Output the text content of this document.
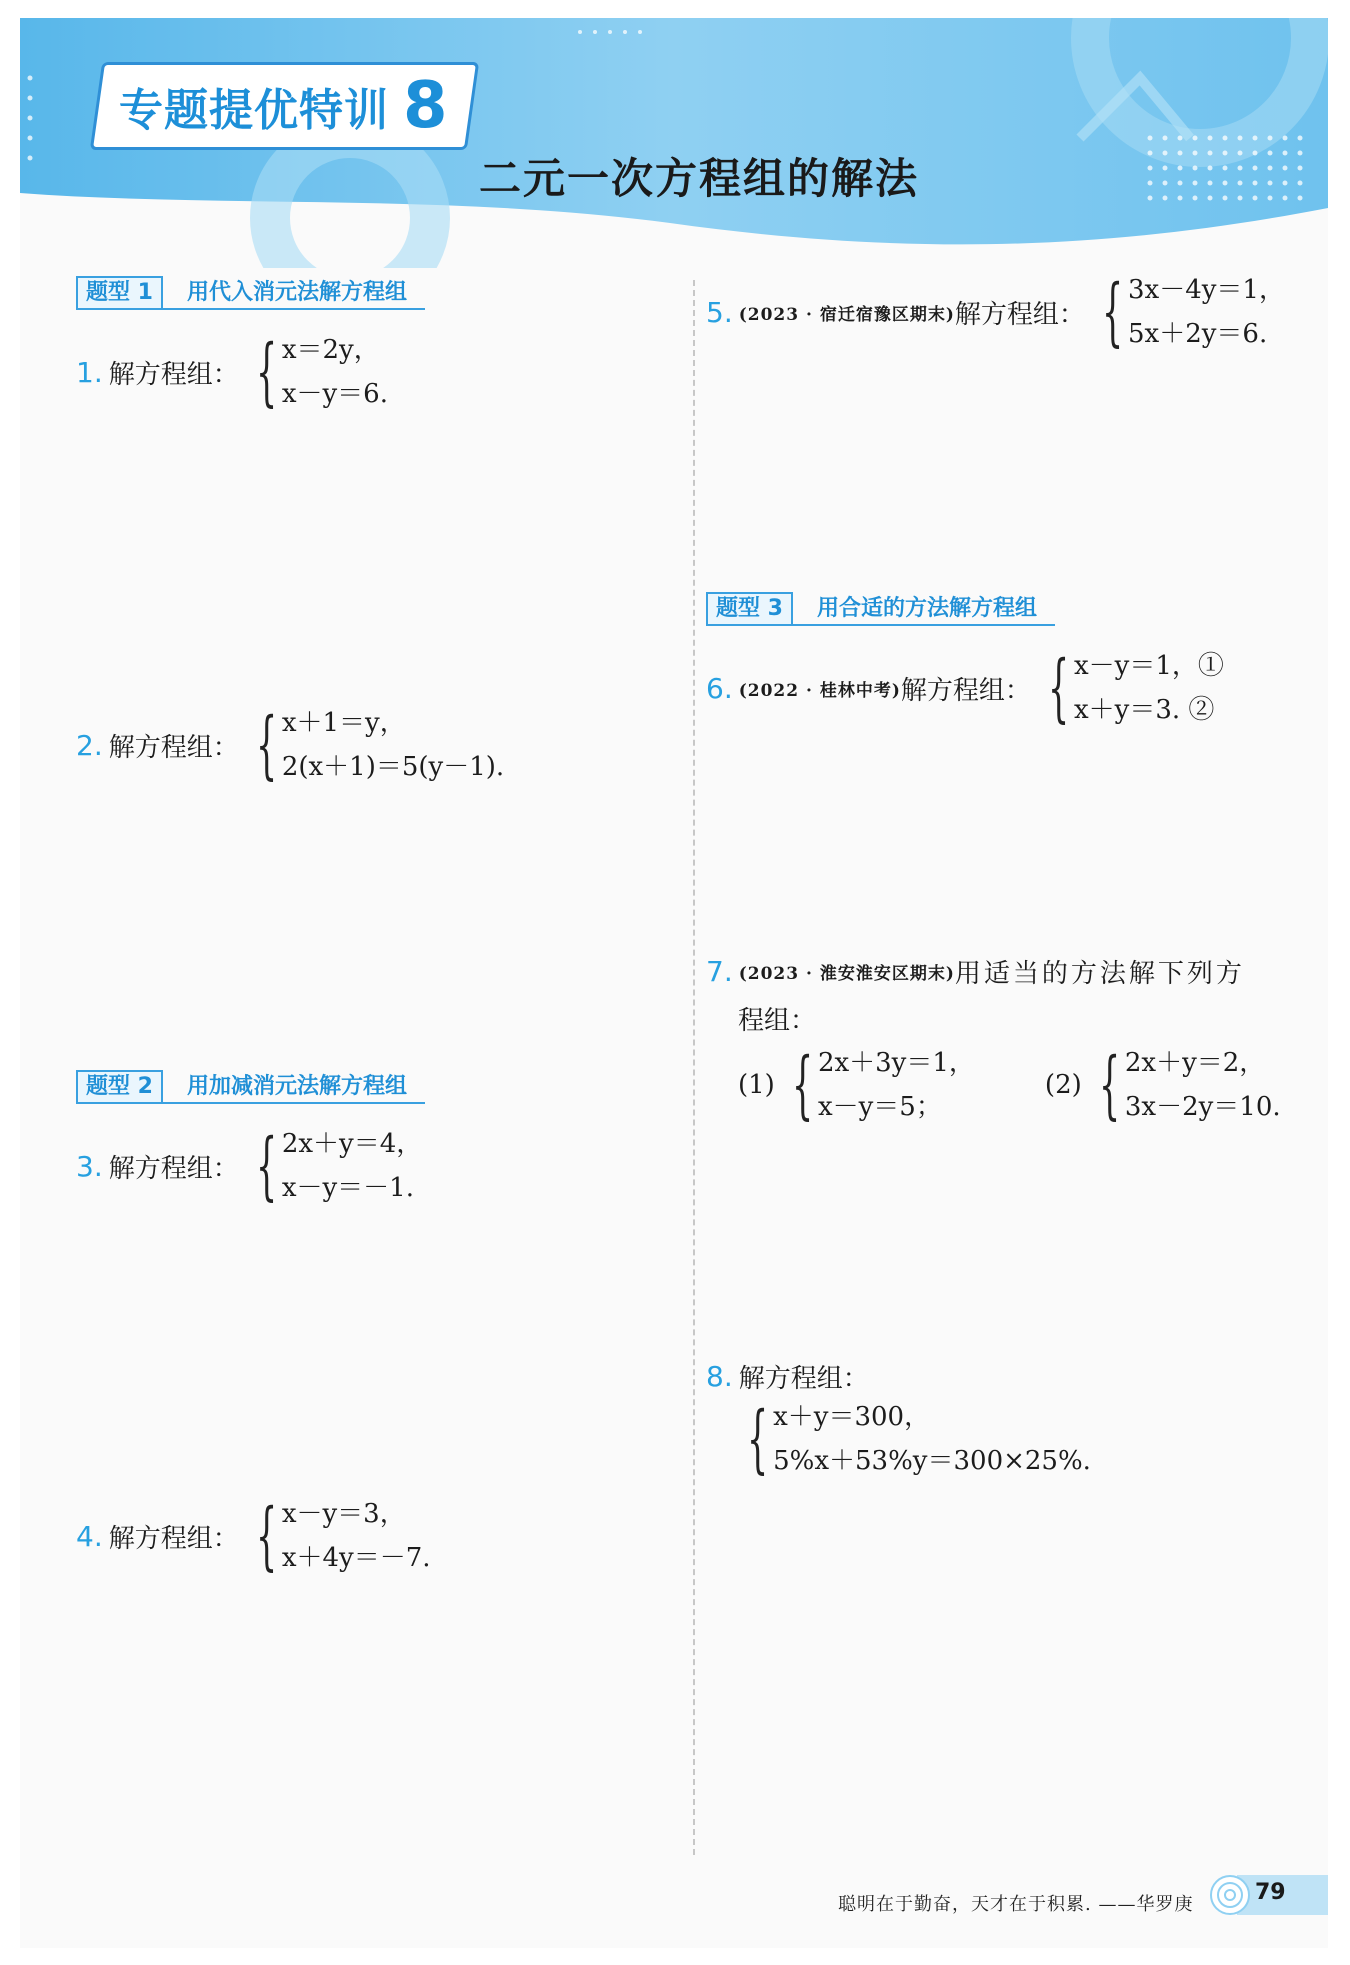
专题提优特训 8
二元一次方程组的解法
题型 1	用代入消元法解方程组
1. 解方程组： { x＝2y，
x－y＝6.
2. 解方程组： { x＋1＝y，
2(x＋1)＝5(y－1).
题型 2	用加减消元法解方程组
3. 解方程组： { 2x＋y＝4，
x－y＝－1.
4. 解方程组： { x－y＝3，
x＋4y＝－7.
5. (2023 · 宿迁宿豫区期末) 解方程组： { 3x－4y＝1，
5x＋2y＝6.
题型 3	用合适的方法解方程组
6. (2022 · 桂林中考) 解方程组： { x－y＝1，①
x＋y＝3. ②
7. (2023 · 淮安淮安区期末) 用适当的方法解下列方
程组：
(1) { 2x＋3y＝1，
x－y＝5；
(2) { 2x＋y＝2，
3x－2y＝10.
8. 解方程组：
{ x＋y＝300，
5%x＋53%y＝300×25%.
聪明在于勤奋，天才在于积累. ——华罗庚	79
